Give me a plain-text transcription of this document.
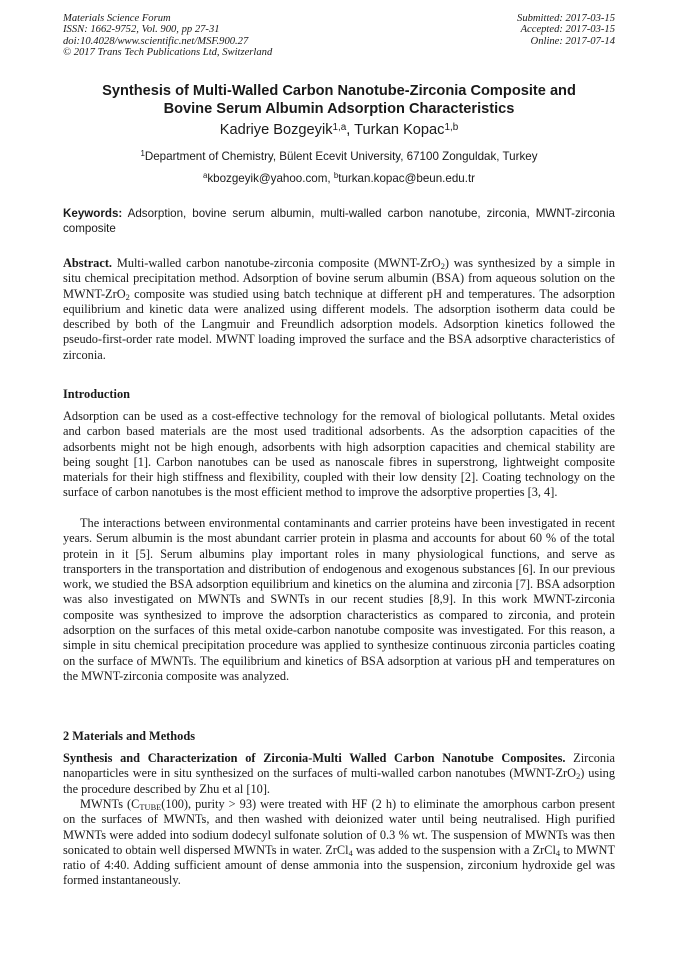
Materials Science Forum
ISSN: 1662-9752, Vol. 900, pp 27-31
doi:10.4028/www.scientific.net/MSF.900.27
© 2017 Trans Tech Publications Ltd, Switzerland
Submitted: 2017-03-15
Accepted: 2017-03-15
Online: 2017-07-14
Synthesis of Multi-Walled Carbon Nanotube-Zirconia Composite and
Bovine Serum Albumin Adsorption Characteristics
Kadriye Bozgeyik$^{1,a}$, Turkan Kopac$^{1,b}$
$^1$Department of Chemistry, Bülent Ecevit University, 67100 Zonguldak, Turkey
$^a$kbozgeyik@yahoo.com, $^b$turkan.kopac@beun.edu.tr
Keywords: Adsorption, bovine serum albumin, multi-walled carbon nanotube, zirconia, MWNT-zirconia composite

Abstract. Multi-walled carbon nanotube-zirconia composite (MWNT-ZrO$_2$) was synthesized by a simple in situ chemical precipitation method. Adsorption of bovine serum albumin (BSA) from aqueous solution on the MWNT-ZrO$_2$ composite was studied using batch technique at different pH and temperatures. The adsorption equilibrium and kinetic data were analized using different models. The adsorption isotherm data could be described by both of the Langmuir and Freundlich adsorption models. Adsorption kinetics followed the pseudo-first-order rate model. MWNT loading improved the surface and the BSA adsorptive characteristics of zirconia.

Introduction
Adsorption can be used as a cost-effective technology for the removal of biological pollutants. Metal oxides and carbon based materials are the most used traditional adsorbents. As the adsorption capacities of the adsorbents might not be high enough, adsorbents with high adsorption capacities and chemical stability are being sought [1]. Carbon nanotubes can be used as nanoscale fibres in superstrong, lightweight composite materials for their high stiffness and flexibility, coupled with their low density [2]. Coating technology on the surface of carbon nanotubes is the most efficient method to improve the adsorptive properties [3, 4].
The interactions between environmental contaminants and carrier proteins have been investigated in recent years. Serum albumin is the most abundant carrier protein in plasma and accounts for about 60 % of the total protein in it [5]. Serum albumins play important roles in many physiological functions, and serve as transporters in the transportation and distribution of endogenous and exogenous substances [6]. In our previous work, we studied the BSA adsorption equilibrium and kinetics on the alumina and zirconia [7]. BSA adsorption was also investigated on MWNTs and SWNTs in our recent studies [8,9]. In this work MWNT-zirconia composite was synthesized to improve the adsorption characteristics as compared to zirconia, and protein adsorption on the surfaces of this metal oxide-carbon nanotube composite was investigated. For this reason, a simple in situ chemical precipitation procedure was applied to synthesize continuous zirconia particles coating on the surface of MWNTs. The equilibrium and kinetics of BSA adsorption at various pH and temperatures on the MWNT-zirconia composite was analyzed.
2 Materials and Methods
Synthesis and Characterization of Zirconia-Multi Walled Carbon Nanotube Composites. Zirconia nanoparticles were in situ synthesized on the surfaces of multi-walled carbon nanotubes (MWNT-ZrO$_2$) using the procedure described by Zhu et al [10].
MWNTs ($C_{TUBE}(100)$, purity > 93) were treated with HF (2 h) to eliminate the amorphous carbon present on the surfaces of MWNTs, and then washed with deionized water until being neutralised. High purified MWNTs were added into sodium dodecyl sulfonate solution of 0.3 % wt. The suspension of MWNTs was then sonicated to obtain well dispersed MWNTs in water. ZrCl$_4$ was added to the suspension with a ZrCl$_4$ to MWNT ratio of 4:40. Adding sufficient amount of dense ammonia into the suspension, zirconium hydroxide gel was formed instantaneously.
